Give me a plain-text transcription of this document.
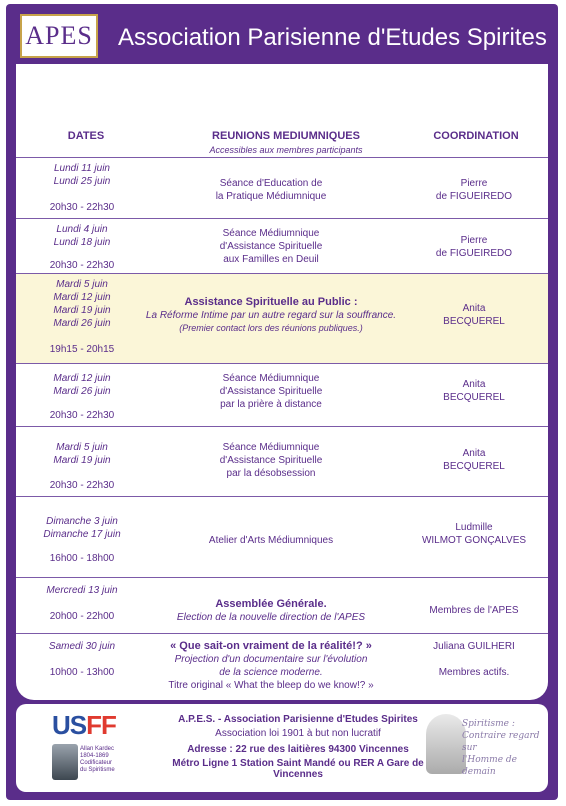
APES	Association Parisienne d'Etudes Spirites
DATES	REUNIONS MEDIUMNIQUES
Accessibles aux membres participants
COORDINATION
Lundi 11 juin
Lundi 25 juin
20h30 - 22h30
Séance d'Education de
la Pratique Médiumnique
Pierre
de FIGUEIREDO
Lundi 4 juin
Lundi 18 juin
20h30 - 22h30
Séance Médiumnique
d'Assistance Spirituelle
aux Familles en Deuil
Pierre
de FIGUEIREDO
Mardi 5 juin
Mardi 12 juin
Mardi 19 juin
Mardi 26 juin
19h15 - 20h15
Assistance Spirituelle au Public :
La Réforme Intime par un autre regard sur la souffrance.
(Premier contact lors des réunions publiques.)
Anita
BECQUEREL
Mardi 12 juin
Mardi 26 juin
20h30 - 22h30
Séance Médiumnique
d'Assistance Spirituelle
par la prière à distance
Anita
BECQUEREL
Mardi 5 juin
Mardi 19 juin
20h30 - 22h30
Séance Médiumnique
d'Assistance Spirituelle
par la désobsession
Anita
BECQUEREL
Dimanche 3 juin
Dimanche 17 juin
16h00 - 18h00
Atelier d'Arts Médiumniques
Ludmille
WILMOT GONÇALVES
Mercredi 13 juin
20h00 - 22h00
Assemblée Générale.
Election de la nouvelle direction de l'APES
Membres de l'APES
Samedi 30 juin
10h00 - 13h00
« Que sait-on vraiment de la réalité!? »
Projection d'un documentaire sur l'évolution
de la science moderne.
Titre original « What the bleep do we know!? »
Juliana GUILHERI
Membres actifs.
USFF
Allan Kardec
1804-1869
Codificateur
du Spiritisme
A.P.E.S. - Association Parisienne d'Etudes Spirites
Association loi 1901 à but non lucratif
Adresse : 22 rue des laitières 94300 Vincennes
Métro Ligne 1 Station Saint Mandé ou RER A Gare de Vincennes
Spiritisme :
Contraire regard sur
l'Homme de demain
